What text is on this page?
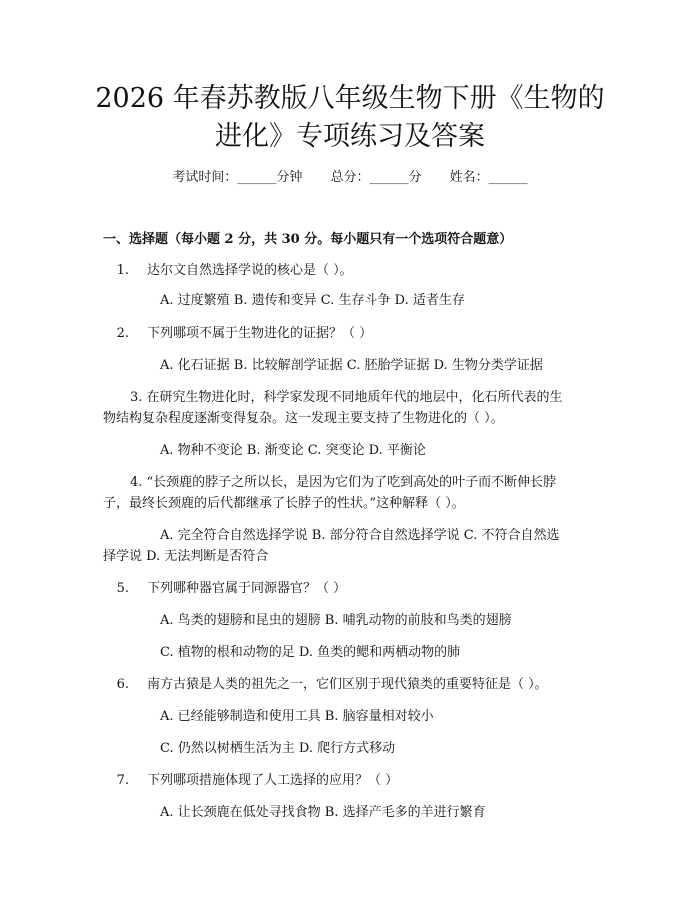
2026 年春苏教版八年级生物下册《生物的进化》专项练习及答案
考试时间：______分钟 总分：______分 姓名：______
一、选择题（每小题 2 分，共 30 分。每小题只有一个选项符合题意）
1. 达尔文自然选择学说的核心是（ ）。
A. 过度繁殖 B. 遗传和变异 C. 生存斗争 D. 适者生存
2. 下列哪项不属于生物进化的证据？（ ）
A. 化石证据 B. 比较解剖学证据 C. 胚胎学证据 D. 生物分类学证据
3. 在研究生物进化时，科学家发现不同地质年代的地层中，化石所代表的生
物结构复杂程度逐渐变得复杂。这一发现主要支持了生物进化的（ ）。
A. 物种不变论 B. 渐变论 C. 突变论 D. 平衡论
4. “长颈鹿的脖子之所以长，是因为它们为了吃到高处的叶子而不断伸长脖
子，最终长颈鹿的后代都继承了长脖子的性状。”这种解释（ ）。
A. 完全符合自然选择学说 B. 部分符合自然选择学说 C. 不符合自然选
择学说 D. 无法判断是否符合
5. 下列哪种器官属于同源器官？（ ）
A. 鸟类的翅膀和昆虫的翅膀 B. 哺乳动物的前肢和鸟类的翅膀
C. 植物的根和动物的足 D. 鱼类的鳃和两栖动物的肺
6. 南方古猿是人类的祖先之一，它们区别于现代猿类的重要特征是（ ）。
A. 已经能够制造和使用工具 B. 脑容量相对较小
C. 仍然以树栖生活为主 D. 爬行方式移动
7. 下列哪项措施体现了人工选择的应用？（ ）
A. 让长颈鹿在低处寻找食物 B. 选择产毛多的羊进行繁育
